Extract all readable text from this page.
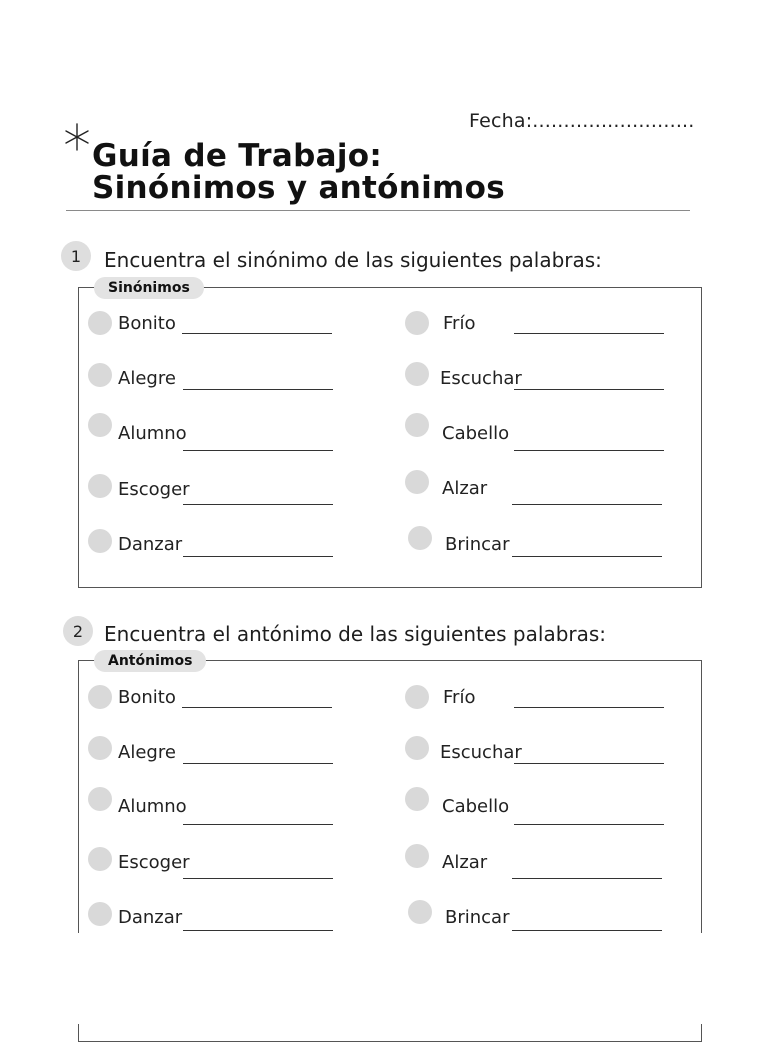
Fecha:..........................
Guía de Trabajo:
Sinónimos y antónimos
1	Encuentra el sinónimo de las siguientes palabras:
Sinónimos
Bonito
Alegre
Alumno
Escoger
Danzar
Frío
Escuchar
Cabello
Alzar
Brincar
2	Encuentra el antónimo de las siguientes palabras:
Antónimos
Bonito
Alegre
Alumno
Escoger
Danzar
Frío
Escuchar
Cabello
Alzar
Brincar
